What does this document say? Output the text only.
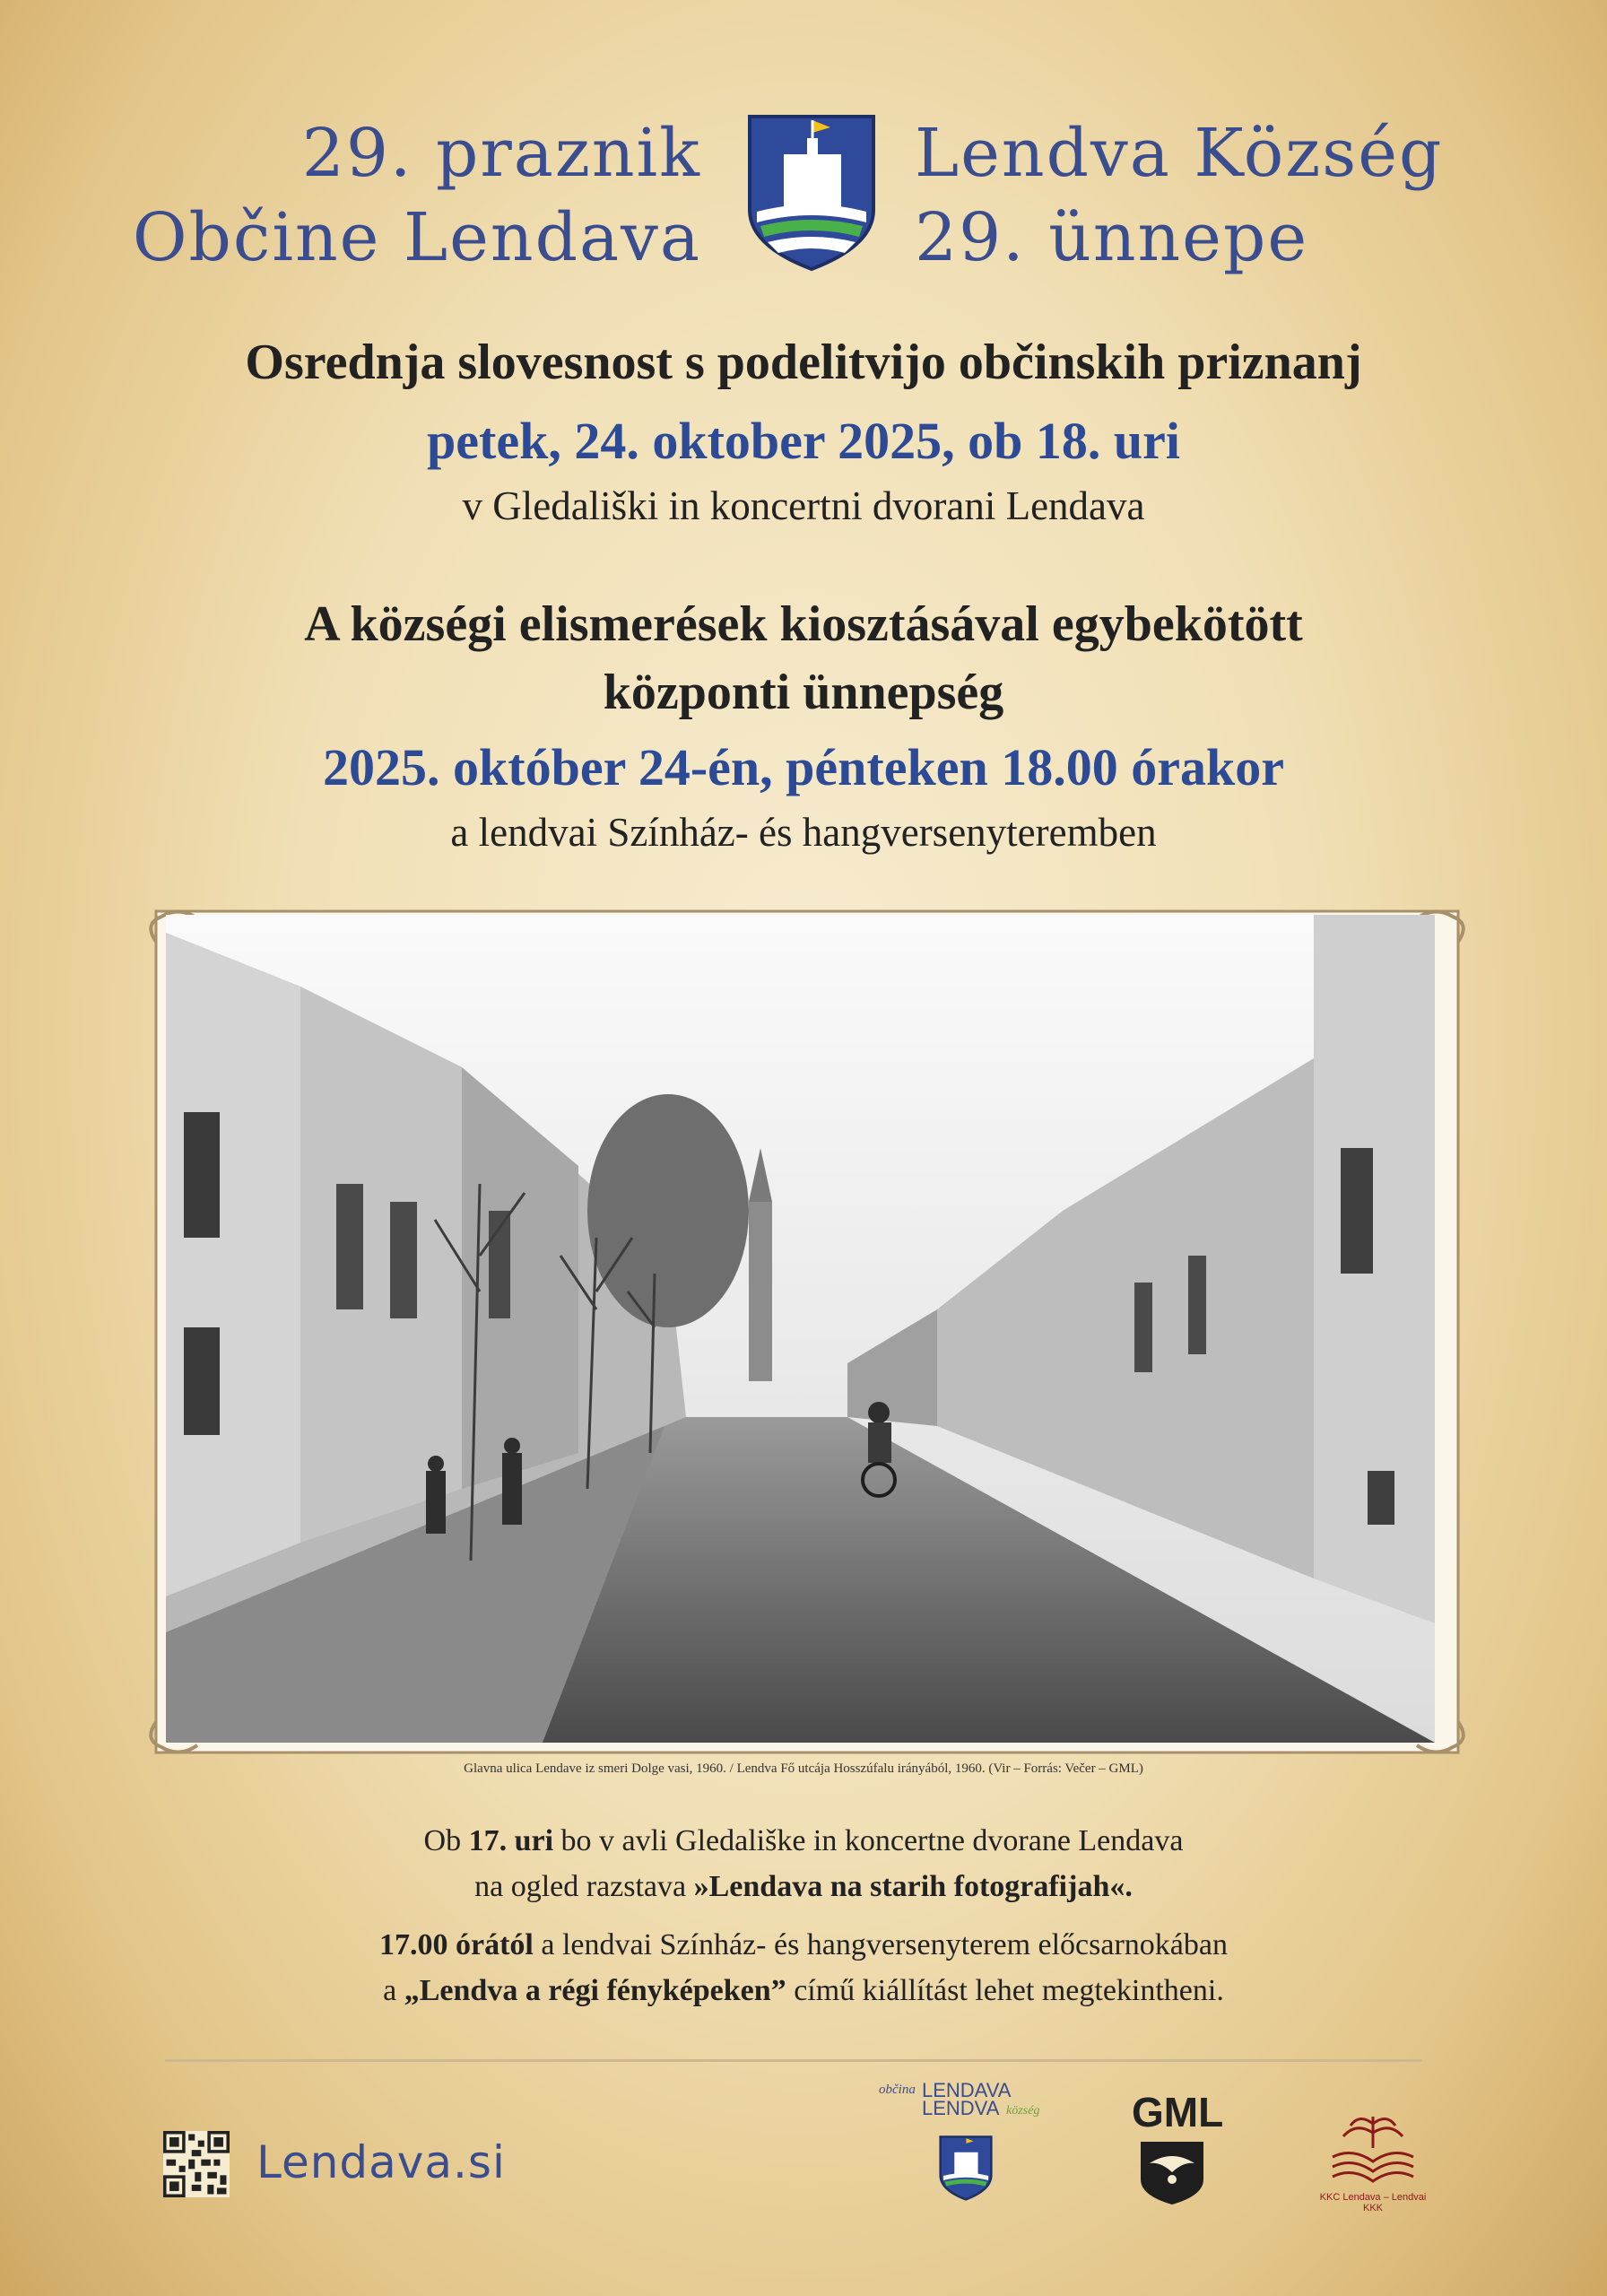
29. praznik
Občine Lendava
Lendva Község
29. ünnepe
Osrednja slovesnost s podelitvijo občinskih priznanj
petek, 24. oktober 2025, ob 18. uri
v Gledališki in koncertni dvorani Lendava
A községi elismerések kiosztásával egybekötött
központi ünnepség
2025. október 24-én, pénteken 18.00 órakor
a lendvai Színház- és hangversenyteremben
Glavna ulica Lendave iz smeri Dolge vasi, 1960. / Lendva Fő utcája Hosszúfalu irányából, 1960. (Vir – Forrás: Večer – GML)
Ob 17. uri bo v avli Gledališke in koncertne dvorane Lendava
na ogled razstava »Lendava na starih fotografijah«.
17.00 órától a lendvai Színház- és hangversenyterem előcsarnokában
a „Lendva a régi fényképeken” című kiállítást lehet megtekintheni.
Lendava.si
občina LENDAVA
LENDVA község GML
KKC Lendava – Lendvai KKK
